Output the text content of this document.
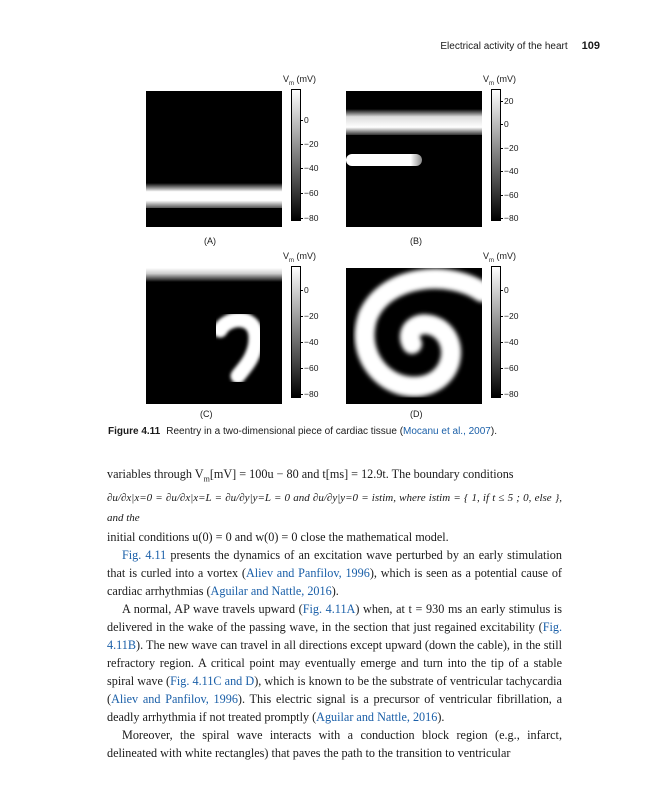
Electrical activity of the heart 109
$V_m$ (mV)
0
−20
−40
−60
−80
(A)
$V_m$ (mV)
20
0
−20
−40
−60
−80
(B)
$V_m$ (mV)
0
−20
−40
−60
−80
(C)
$V_m$ (mV)
0
−20
−40
−60
−80
(D)
Figure 4.11 Reentry in a two-dimensional piece of cardiac tissue (Mocanu et al., 2007).

variables through $V_m[mV] = 100u - 80$ and t[ms] = 12.9t. The boundary conditions

∂u/∂x|x=0 = ∂u/∂x|x=L = ∂u/∂y|y=L = 0 and ∂u/∂y|y=0 = istim, where istim = { 1, if t ≤ 5 ; 0, else }, and the

initial conditions u(0) = 0 and w(0) = 0 close the mathematical model.

Fig. 4.11 presents the dynamics of an excitation wave perturbed by an early stimulation that is curled into a vortex (Aliev and Panfilov, 1996), which is seen as a potential cause of cardiac arrhythmias (Aguilar and Nattle, 2016).

A normal, AP wave travels upward (Fig. 4.11A) when, at t = 930 ms an early stimulus is delivered in the wake of the passing wave, in the section that just regained excitability (Fig. 4.11B). The new wave can travel in all directions except upward (down the cable), in the still refractory region. A critical point may eventually emerge and turn into the tip of a stable spiral wave (Fig. 4.11C and D), which is known to be the substrate of ventricular tachycardia (Aliev and Panfilov, 1996). This electric signal is a precursor of ventricular fibrillation, a deadly arrhythmia if not treated promptly (Aguilar and Nattle, 2016).

Moreover, the spiral wave interacts with a conduction block region (e.g., infarct, delineated with white rectangles) that paves the path to the transition to ventricular
